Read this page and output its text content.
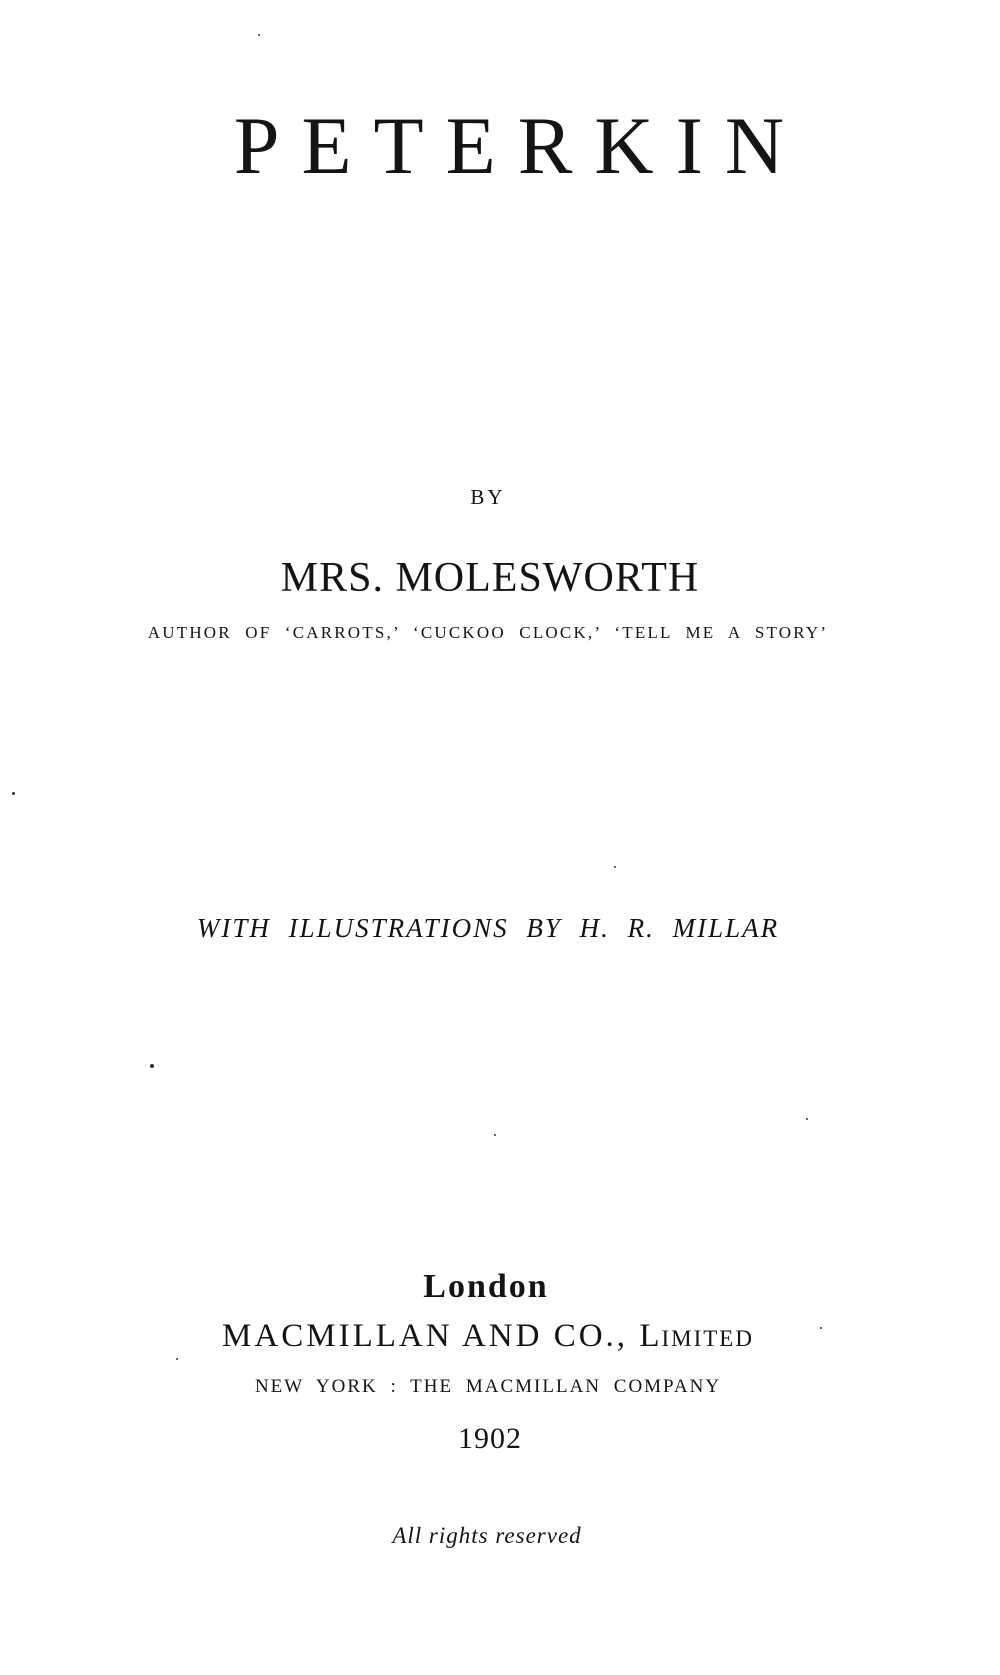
PETERKIN
BY
MRS. MOLESWORTH
AUTHOR OF ‘CARROTS,’ ‘CUCKOO CLOCK,’ ‘TELL ME A STORY’
WITH ILLUSTRATIONS BY H. R. MILLAR
London
MACMILLAN AND CO., Limited
NEW YORK : THE MACMILLAN COMPANY
1902
All rights reserved
